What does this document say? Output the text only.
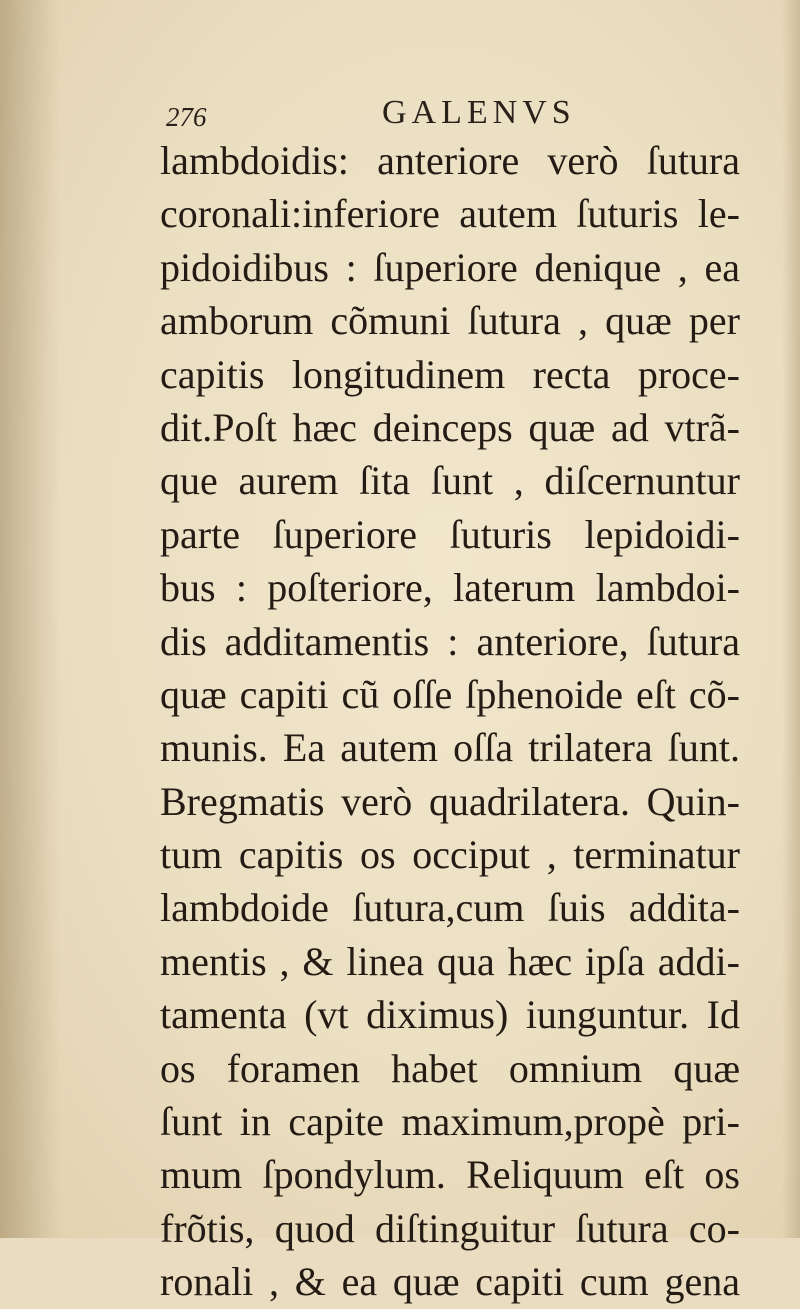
276	GALENVS
lambdoidis: anteriore verò ſutura
coronali:inferiore autem ſuturis le-
pidoidibus : ſuperiore denique , ea
amborum cõmuni ſutura , quæ per
capitis longitudinem recta proce-
dit.Poſt hæc deinceps quæ ad vtrã-
que aurem ſita ſunt , diſcernuntur
parte ſuperiore ſuturis lepidoidi-
bus : poſteriore, laterum lambdoi-
dis additamentis : anteriore, ſutura
quæ capiti cũ oſſe ſphenoide eſt cõ-
munis. Ea autem oſſa trilatera ſunt.
Bregmatis verò quadrilatera. Quin-
tum capitis os occiput , terminatur
lambdoide ſutura,cum ſuis addita-
mentis , & linea qua hæc ipſa addi-
tamenta (vt diximus) iunguntur. Id
os foramen habet omnium quæ
ſunt in capite maximum,propè pri-
mum ſpondylum. Reliquum eſt os
frõtis, quod diſtinguitur ſutura co-
ronali , & ea quæ capiti cum gena
